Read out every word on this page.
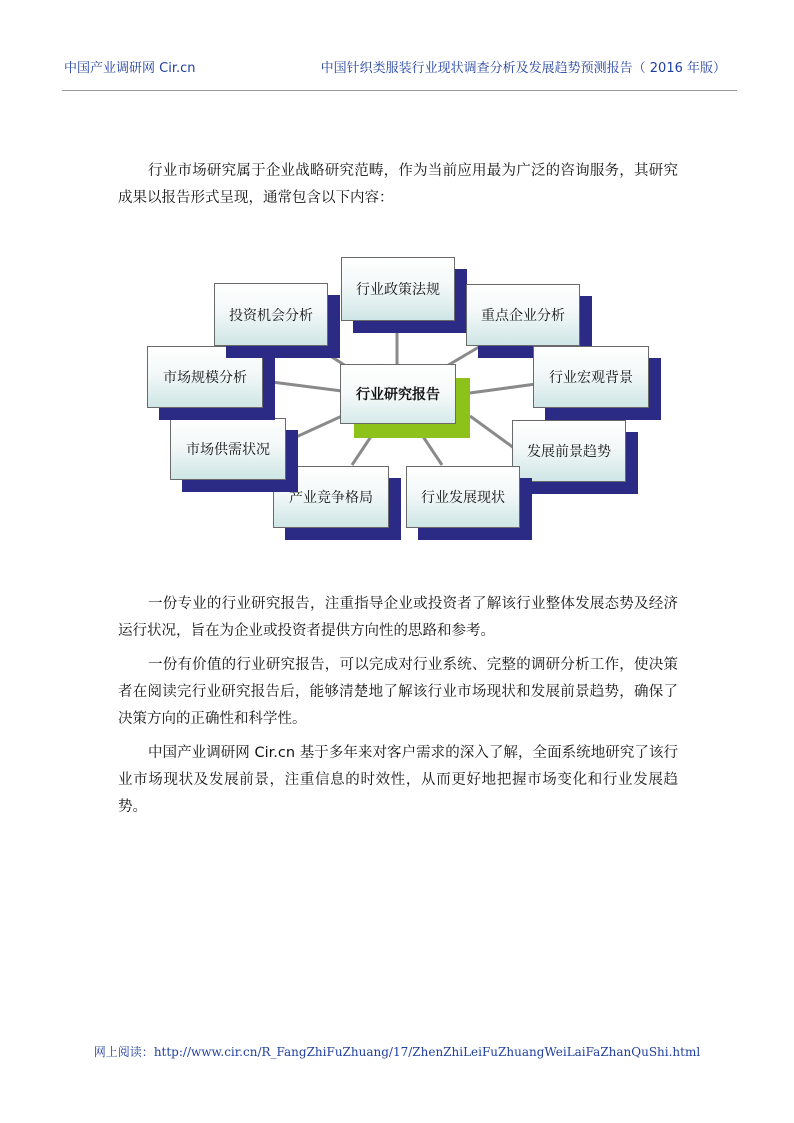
中国产业调研网 Cir.cn	中国针织类服装行业现状调查分析及发展趋势预测报告（ 2016 年版）

行业市场研究属于企业战略研究范畴，作为当前应用最为广泛的咨询服务，其研究成果以报告形式呈现，通常包含以下内容：

行业研究报告
行业政策法规
重点企业分析
行业宏观背景
发展前景趋势
行业发展现状
产业竞争格局
市场供需状况
市场规模分析
投资机会分析

一份专业的行业研究报告，注重指导企业或投资者了解该行业整体发展态势及经济运行状况，旨在为企业或投资者提供方向性的思路和参考。

一份有价值的行业研究报告，可以完成对行业系统、完整的调研分析工作，使决策者在阅读完行业研究报告后，能够清楚地了解该行业市场现状和发展前景趋势，确保了决策方向的正确性和科学性。

中国产业调研网 Cir.cn 基于多年来对客户需求的深入了解，全面系统地研究了该行业市场现状及发展前景，注重信息的时效性，从而更好地把握市场变化和行业发展趋势。

网上阅读：http://www.cir.cn/R_FangZhiFuZhuang/17/ZhenZhiLeiFuZhuangWeiLaiFaZhanQuShi.html
